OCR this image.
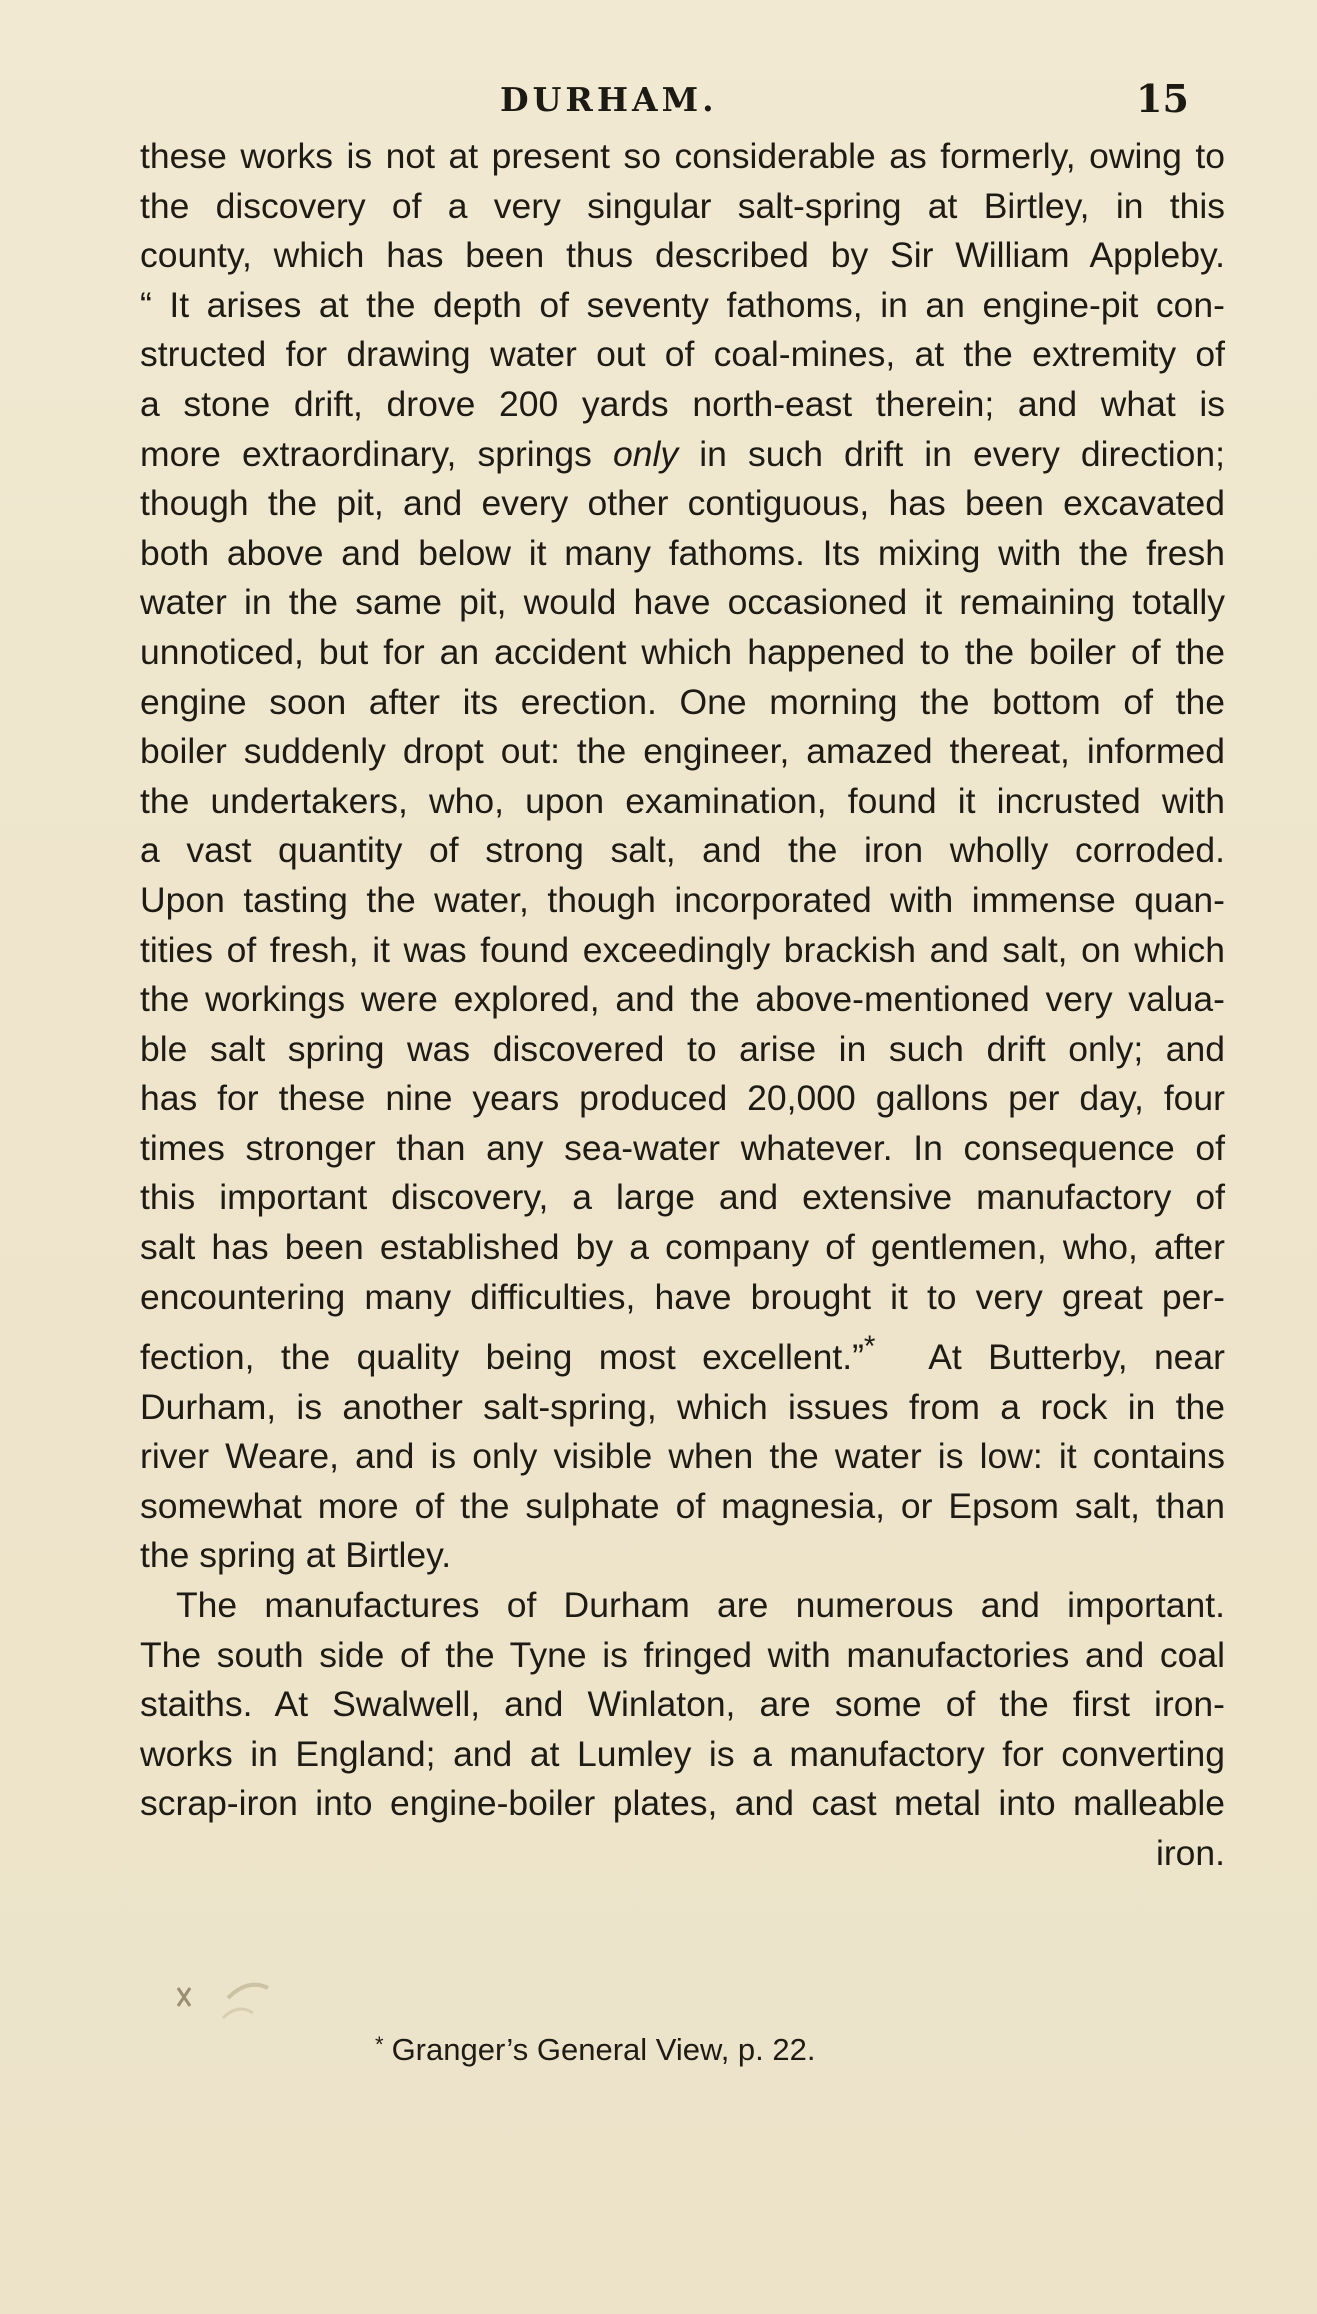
DURHAM.	15
these works is not at present so considerable as formerly, owing to
the discovery of a very singular salt-spring at Birtley, in this
county, which has been thus described by Sir William Appleby.
“ It arises at the depth of seventy fathoms, in an engine-pit con-
structed for drawing water out of coal-mines, at the extremity of
a stone drift, drove 200 yards north-east therein; and what is
more extraordinary, springs only in such drift in every direction;
though the pit, and every other contiguous, has been excavated
both above and below it many fathoms. Its mixing with the fresh
water in the same pit, would have occasioned it remaining totally
unnoticed, but for an accident which happened to the boiler of the
engine soon after its erection. One morning the bottom of the
boiler suddenly dropt out: the engineer, amazed thereat, informed
the undertakers, who, upon examination, found it incrusted with
a vast quantity of strong salt, and the iron wholly corroded.
Upon tasting the water, though incorporated with immense quan-
tities of fresh, it was found exceedingly brackish and salt, on which
the workings were explored, and the above-mentioned very valua-
ble salt spring was discovered to arise in such drift only; and
has for these nine years produced 20,000 gallons per day, four
times stronger than any sea-water whatever. In consequence of
this important discovery, a large and extensive manufactory of
salt has been established by a company of gentlemen, who, after
encountering many difficulties, have brought it to very great per-
fection, the quality being most excellent.”* At Butterby, near
Durham, is another salt-spring, which issues from a rock in the
river Weare, and is only visible when the water is low: it contains
somewhat more of the sulphate of magnesia, or Epsom salt, than
the spring at Birtley.
The manufactures of Durham are numerous and important.
The south side of the Tyne is fringed with manufactories and coal
staiths. At Swalwell, and Winlaton, are some of the first iron-
works in England; and at Lumley is a manufactory for converting
scrap-iron into engine-boiler plates, and cast metal into malleable
iron.
* Granger’s General View, p. 22.
